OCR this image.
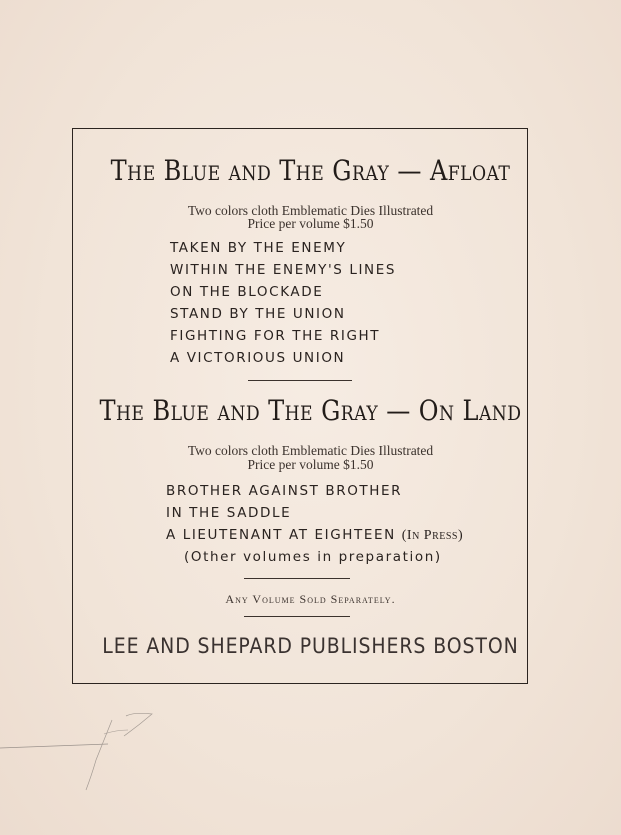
The Blue and The Gray — Afloat
Two colors cloth Emblematic Dies Illustrated
Price per volume $1.50
TAKEN BY THE ENEMY
WITHIN THE ENEMY'S LINES
ON THE BLOCKADE
STAND BY THE UNION
FIGHTING FOR THE RIGHT
A VICTORIOUS UNION
The Blue and The Gray — On Land
Two colors cloth Emblematic Dies Illustrated
Price per volume $1.50
BROTHER AGAINST BROTHER
IN THE SADDLE
A LIEUTENANT AT EIGHTEEN (In Press)
(Other volumes in preparation)
Any Volume Sold Separately.
LEE AND SHEPARD PUBLISHERS BOSTON
